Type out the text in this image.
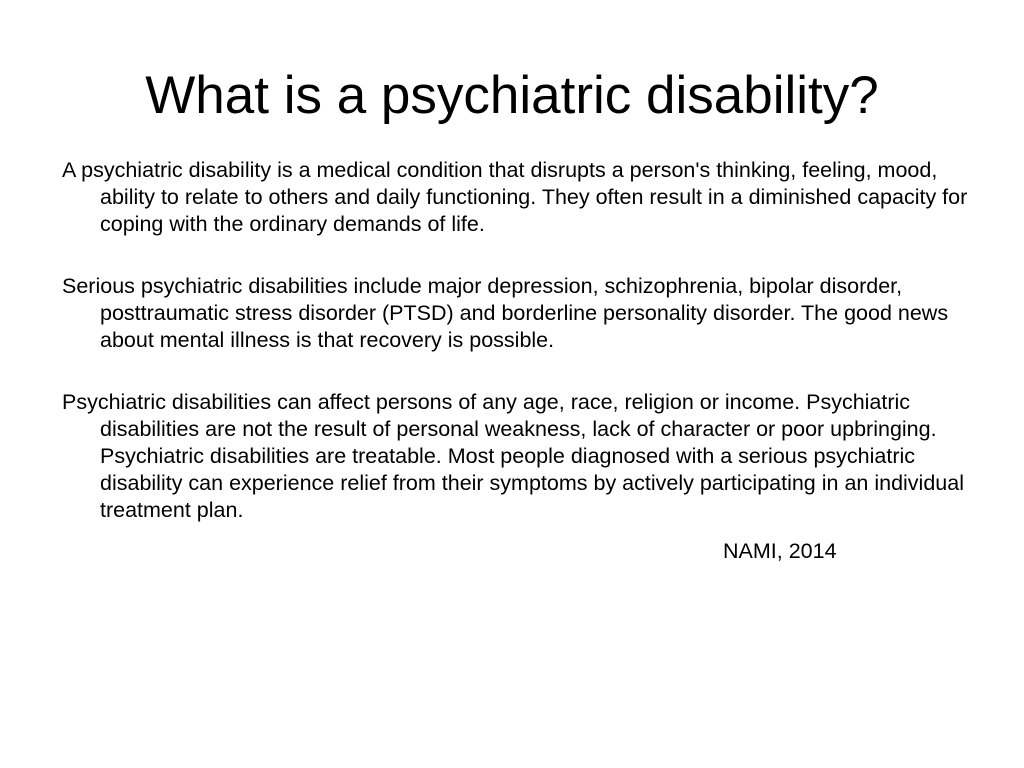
What is a psychiatric disability?

A psychiatric disability is a medical condition that disrupts a person's thinking, feeling, mood, ability to relate to others and daily functioning. They often result in a diminished capacity for coping with the ordinary demands of life.

Serious psychiatric disabilities include major depression, schizophrenia, bipolar disorder, posttraumatic stress disorder (PTSD) and borderline personality disorder. The good news about mental illness is that recovery is possible.

Psychiatric disabilities can affect persons of any age, race, religion or income. Psychiatric disabilities are not the result of personal weakness, lack of character or poor upbringing. Psychiatric disabilities are treatable. Most people diagnosed with a serious psychiatric disability can experience relief from their symptoms by actively participating in an individual treatment plan.

NAMI, 2014
